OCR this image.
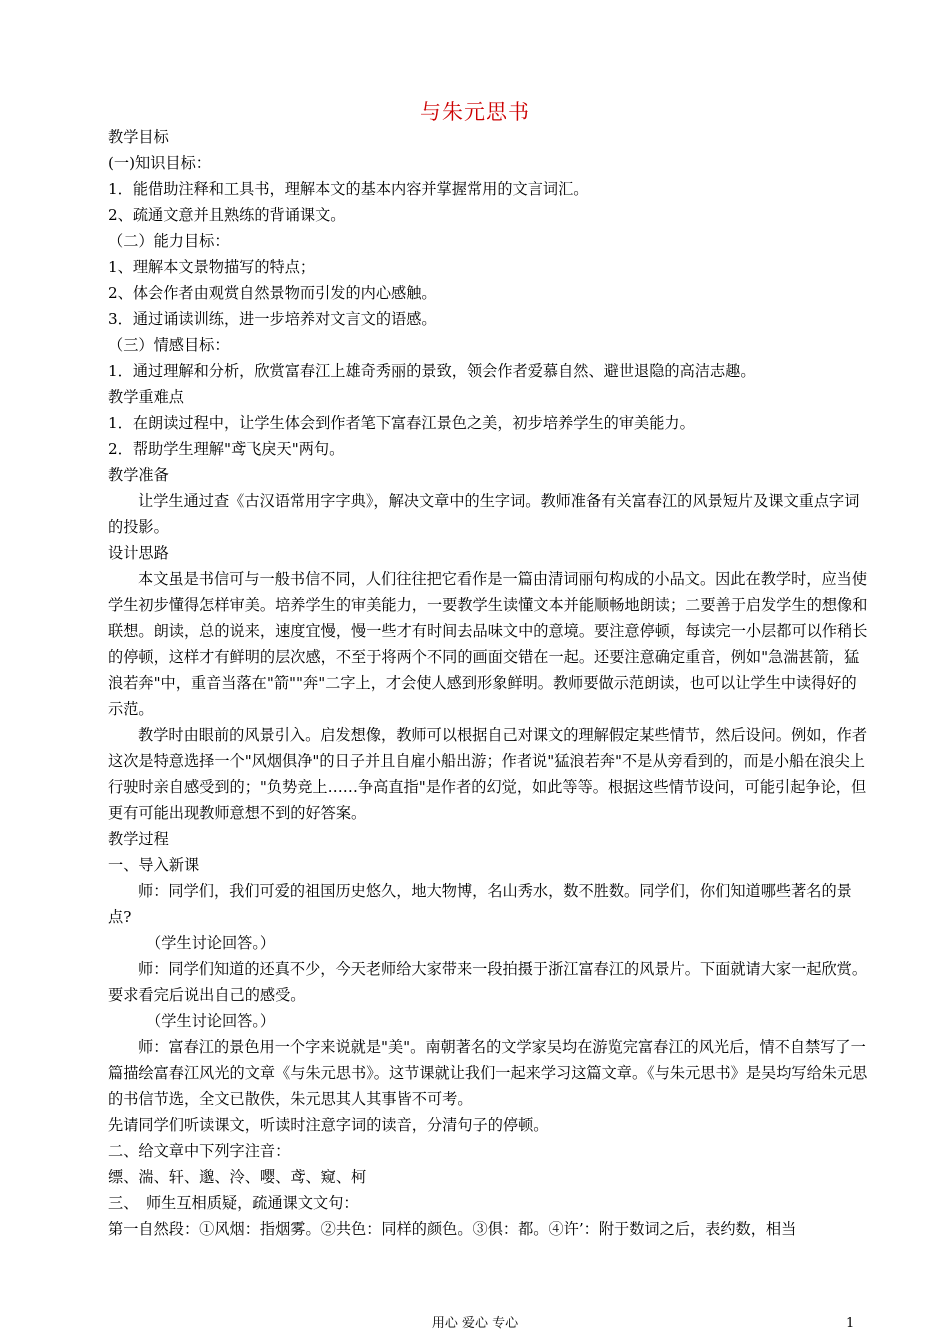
与朱元思书

教学目标

(一)知识目标：

1．能借助注释和工具书，理解本文的基本内容并掌握常用的文言词汇。

2、疏通文意并且熟练的背诵课文。

（二）能力目标：

1、理解本文景物描写的特点；

2、体会作者由观赏自然景物而引发的内心感触。

3．通过诵读训练，进一步培养对文言文的语感。

（三）情感目标：

1．通过理解和分析，欣赏富春江上雄奇秀丽的景致，领会作者爱慕自然、避世退隐的高洁志趣。

教学重难点

1．在朗读过程中，让学生体会到作者笔下富春江景色之美，初步培养学生的审美能力。

2．帮助学生理解"鸢飞戾天"两句。

教学准备

让学生通过查《古汉语常用字字典》，解决文章中的生字词。教师准备有关富春江的风景短片及课文重点字词的投影。

设计思路

本文虽是书信可与一般书信不同，人们往往把它看作是一篇由清词丽句构成的小品文。因此在教学时，应当使学生初步懂得怎样审美。培养学生的审美能力，一要教学生读懂文本并能顺畅地朗读；二要善于启发学生的想像和联想。朗读，总的说来，速度宜慢，慢一些才有时间去品味文中的意境。要注意停顿，每读完一小层都可以作稍长的停顿，这样才有鲜明的层次感，不至于将两个不同的画面交错在一起。还要注意确定重音，例如"急湍甚箭，猛浪若奔"中，重音当落在"箭""奔"二字上，才会使人感到形象鲜明。教师要做示范朗读，也可以让学生中读得好的示范。

教学时由眼前的风景引入。启发想像，教师可以根据自己对课文的理解假定某些情节，然后设问。例如，作者这次是特意选择一个"风烟俱净"的日子并且自雇小船出游；作者说"猛浪若奔"不是从旁看到的，而是小船在浪尖上行驶时亲自感受到的；"负势竞上……争高直指"是作者的幻觉，如此等等。根据这些情节设问，可能引起争论，但更有可能出现教师意想不到的好答案。

教学过程

一、导入新课

师：同学们，我们可爱的祖国历史悠久，地大物博，名山秀水，数不胜数。同学们，你们知道哪些著名的景点?

（学生讨论回答。）

师：同学们知道的还真不少，今天老师给大家带来一段拍摄于浙江富春江的风景片。下面就请大家一起欣赏。要求看完后说出自己的感受。

（学生讨论回答。）

师：富春江的景色用一个字来说就是"美"。南朝著名的文学家吴均在游览完富春江的风光后，情不自禁写了一篇描绘富春江风光的文章《与朱元思书》。这节课就让我们一起来学习这篇文章。《与朱元思书》是吴均写给朱元思的书信节选，全文已散佚，朱元思其人其事皆不可考。

先请同学们听读课文，听读时注意字词的读音，分清句子的停顿。

二、给文章中下列字注音：

缥、湍、轩、邈、泠、嘤、鸢、窥、柯

三、　师生互相质疑，疏通课文文句：

第一自然段：①风烟：指烟雾。②共色：同样的颜色。③俱：都。④许’：附于数词之后，表约数，相当

用心 爱心 专心	1
